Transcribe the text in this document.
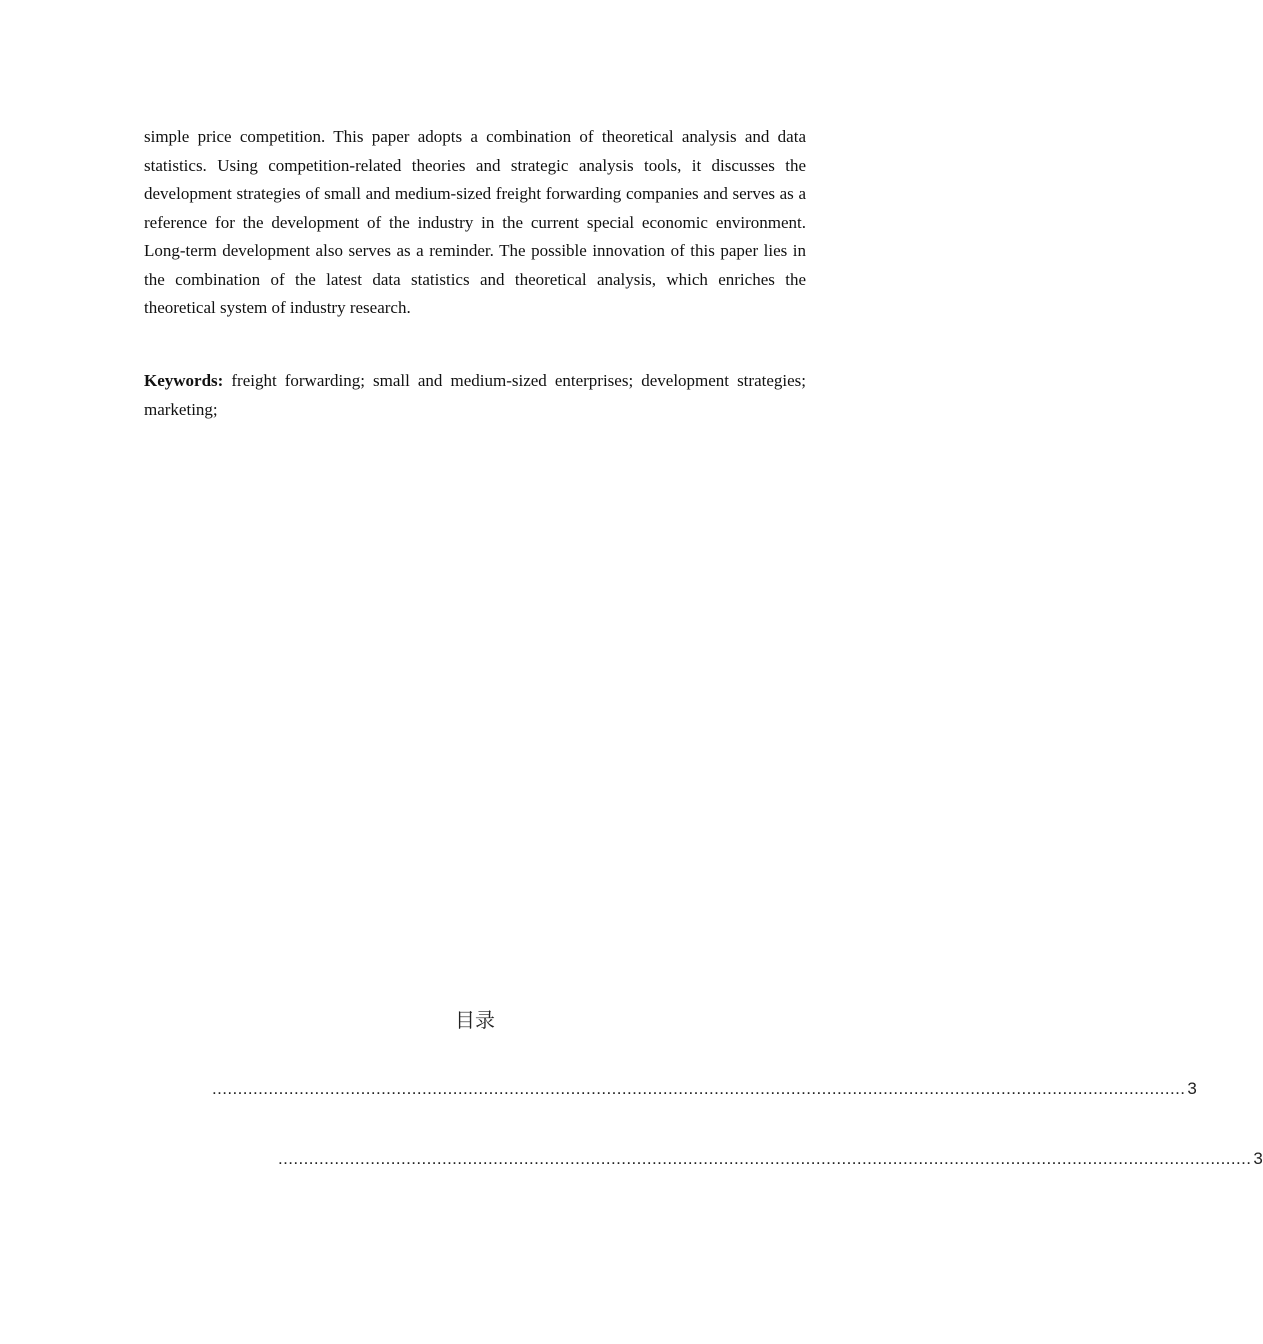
simple price competition. This paper adopts a combination of theoretical analysis and data statistics. Using competition-related theories and strategic analysis tools, it discusses the development strategies of small and medium-sized freight forwarding companies and serves as a reference for the development of the industry in the current special economic environment. Long-term development also serves as a reminder. The possible innovation of this paper lies in the combination of the latest data statistics and theoretical analysis, which enriches the theoretical system of industry research.

Keywords: freight forwarding; small and medium-sized enterprises; development strategies; marketing;

目录
.............................................................................................................................................................................................. 3
.............................................................................................................................................................................................. 3
